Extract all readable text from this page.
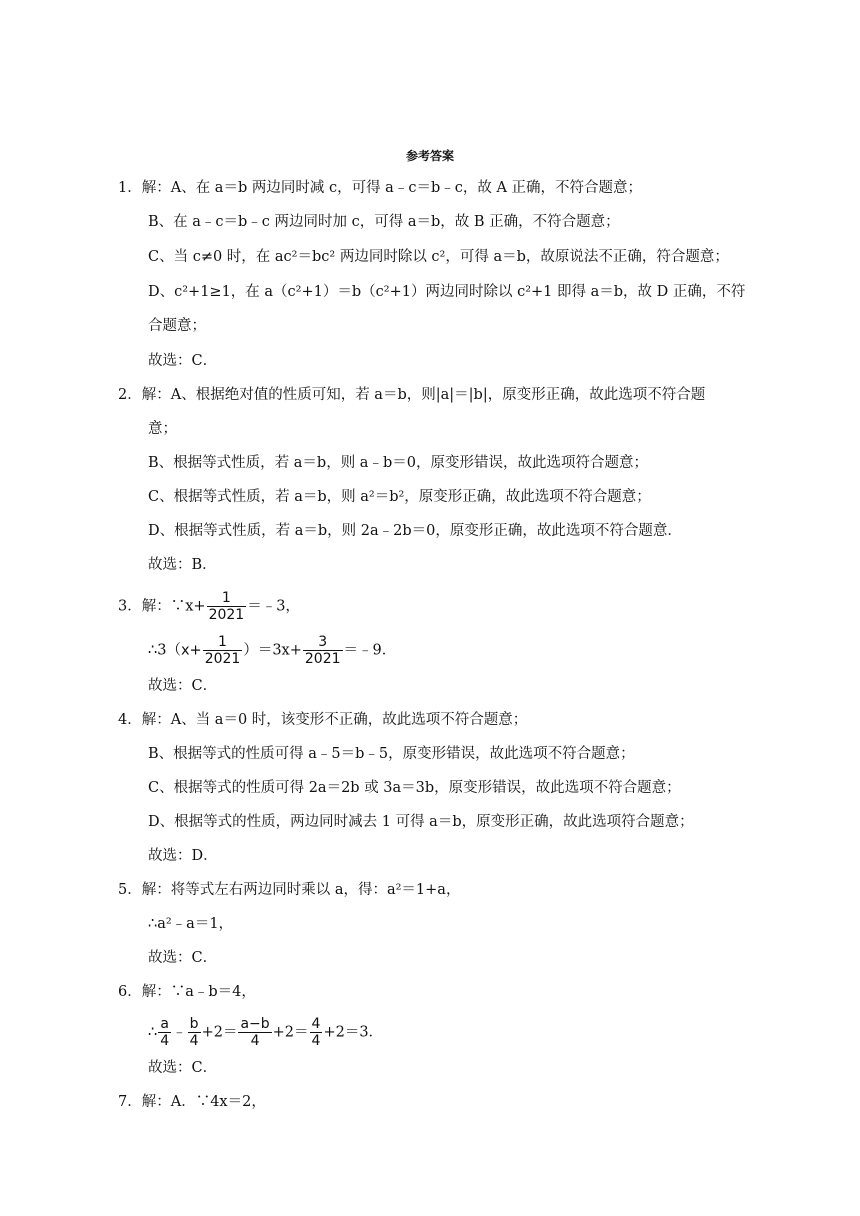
参考答案
1．解：A、在 a＝b 两边同时减 c，可得 a﹣c＝b﹣c，故 A 正确，不符合题意；
B、在 a﹣c＝b﹣c 两边同时加 c，可得 a＝b，故 B 正确，不符合题意；
C、当 c≠0 时，在 ac²＝bc² 两边同时除以 c²，可得 a＝b，故原说法不正确，符合题意；
D、c²+1≥1，在 a（c²+1）＝b（c²+1）两边同时除以 c²+1 即得 a＝b，故 D 正确，不符
合题意；
故选：C．
2．解：A、根据绝对值的性质可知，若 a＝b，则|a|＝|b|，原变形正确，故此选项不符合题
意；
B、根据等式性质，若 a＝b，则 a﹣b＝0，原变形错误，故此选项符合题意；
C、根据等式性质，若 a＝b，则 a²＝b²，原变形正确，故此选项不符合题意；
D、根据等式性质，若 a＝b，则 2a﹣2b＝0，原变形正确，故此选项不符合题意．
故选：B．
3．解：∵x+ $\frac{1}{2021}$ ＝﹣3，
∴3（x+ $\frac{1}{2021} )=3x+ \frac{3}{2021}$ ＝﹣9．
故选：C．
4．解：A、当 a＝0 时，该变形不正确，故此选项不符合题意；
B、根据等式的性质可得 a﹣5＝b﹣5，原变形错误，故此选项不符合题意；
C、根据等式的性质可得 2a＝2b 或 3a＝3b，原变形错误，故此选项不符合题意；
D、根据等式的性质，两边同时减去 1 可得 a＝b，原变形正确，故此选项符合题意；
故选：D．
5．解：将等式左右两边同时乘以 a，得：a²＝1+a，
∴a²﹣a＝1，
故选：C．
6．解：∵a﹣b＝4，
∴ $\frac{a}{4}$ ﹣ $\frac{b}{4} +2= \frac{a-b}{4} +2= \frac{4}{4} +2=3$．
故选：C．
7．解：A．∵4x＝2，
